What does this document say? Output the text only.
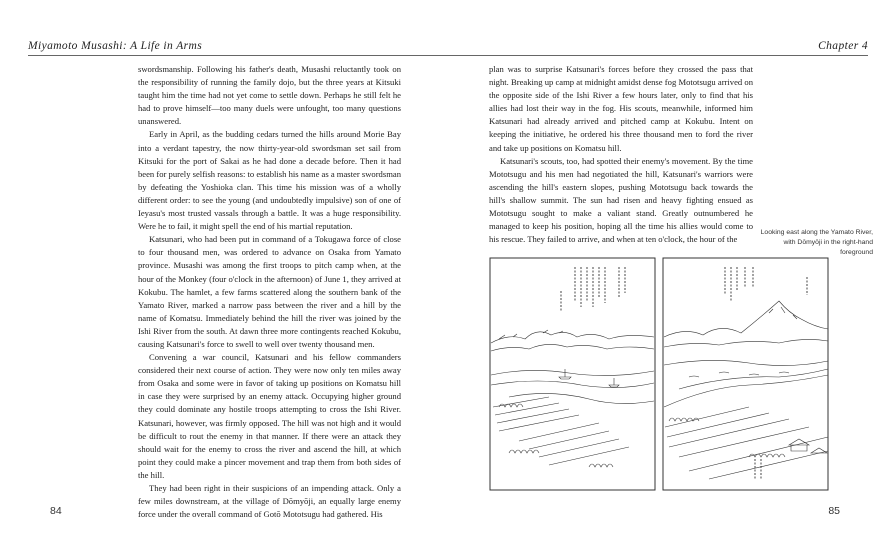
Miyamoto Musashi: A Life in Arms

swordsmanship. Following his father's death, Musashi reluctantly took on the responsibility of running the family dojo, but the three years at Kitsuki taught him the time had not yet come to settle down. Perhaps he still felt he had to prove himself—too many duels were unfought, too many questions unanswered.

Early in April, as the budding cedars turned the hills around Morie Bay into a verdant tapestry, the now thirty-year-old swordsman set sail from Kitsuki for the port of Sakai as he had done a decade before. Then it had been for purely selfish reasons: to establish his name as a master swordsman by defeating the Yoshioka clan. This time his mission was of a wholly different order: to see the young (and undoubtedly impulsive) son of one of Ieyasu's most trusted vassals through a battle. It was a huge responsibility. Were he to fail, it might spell the end of his martial reputation.

Katsunari, who had been put in command of a Tokugawa force of close to four thousand men, was ordered to advance on Osaka from Yamato province. Musashi was among the first troops to pitch camp when, at the hour of the Monkey (four o'clock in the afternoon) of June 1, they arrived at Kokubu. The hamlet, a few farms scattered along the southern bank of the Yamato River, marked a narrow pass between the river and a hill by the name of Komatsu. Immediately behind the hill the river was joined by the Ishi River from the south. At dawn three more contingents reached Kokubu, causing Katsunari's force to swell to well over twenty thousand men.

Convening a war council, Katsunari and his fellow commanders considered their next course of action. They were now only ten miles away from Osaka and some were in favor of taking up positions on Komatsu hill in case they were surprised by an enemy attack. Occupying higher ground they could dominate any hostile troops attempting to cross the Ishi River. Katsunari, however, was firmly opposed. The hill was not high and it would be difficult to rout the enemy in that manner. If there were an attack they should wait for the enemy to cross the river and ascend the hill, at which point they could make a pincer movement and trap them from both sides of the hill.

They had been right in their suspicions of an impending attack. Only a few miles downstream, at the village of Dōmyōji, an equally large enemy force under the overall command of Gotō Mototsugu had gathered. His

84
Chapter 4

plan was to surprise Katsunari's forces before they crossed the pass that night. Breaking up camp at midnight amidst dense fog Mototsugu arrived on the opposite side of the Ishi River a few hours later, only to find that his allies had lost their way in the fog. His scouts, meanwhile, informed him Katsunari had already arrived and pitched camp at Kokubu. Intent on keeping the initiative, he ordered his three thousand men to ford the river and take up positions on Komatsu hill.

Katsunari's scouts, too, had spotted their enemy's movement. By the time Mototsugu and his men had negotiated the hill, Katsunari's warriors were ascending the hill's eastern slopes, pushing Mototsugu back towards the hill's shallow summit. The sun had risen and heavy fighting ensued as Mototsugu sought to make a valiant stand. Greatly outnumbered he managed to keep his position, hoping all the time his allies would come to his rescue. They failed to arrive, and when at ten o'clock, the hour of the

Looking east along the Yamato River, with Dōmyōji in the right-hand foreground
85
